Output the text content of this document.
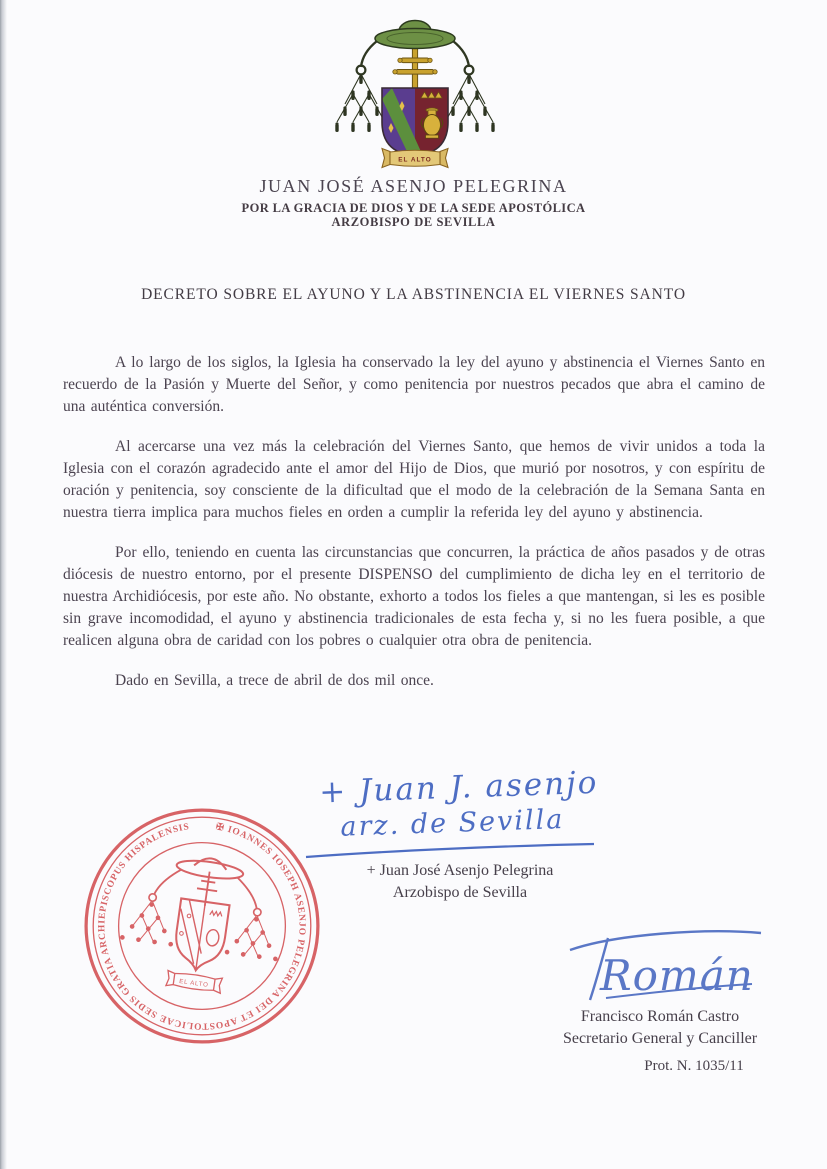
EL ALTO
JUAN JOSÉ ASENJO PELEGRINA
POR LA GRACIA DE DIOS Y DE LA SEDE APOSTÓLICA
ARZOBISPO DE SEVILLA
DECRETO SOBRE EL AYUNO Y LA ABSTINENCIA EL VIERNES SANTO

A lo largo de los siglos, la Iglesia ha conservado la ley del ayuno y abstinencia el Viernes Santo en recuerdo de la Pasión y Muerte del Señor, y como penitencia por nuestros pecados que abra el camino de una auténtica conversión.

Al acercarse una vez más la celebración del Viernes Santo, que hemos de vivir unidos a toda la Iglesia con el corazón agradecido ante el amor del Hijo de Dios, que murió por nosotros, y con espíritu de oración y penitencia, soy consciente de la dificultad que el modo de la celebración de la Semana Santa en nuestra tierra implica para muchos fieles en orden a cumplir la referida ley del ayuno y abstinencia.

Por ello, teniendo en cuenta las circunstancias que concurren, la práctica de años pasados y de otras diócesis de nuestro entorno, por el presente DISPENSO del cumplimiento de dicha ley en el territorio de nuestra Archidiócesis, por este año. No obstante, exhorto a todos los fieles a que mantengan, si les es posible sin grave incomodidad, el ayuno y abstinencia tradicionales de esta fecha y, si no les fuera posible, a que realicen alguna obra de caridad con los pobres o cualquier otra obra de penitencia.

Dado en Sevilla, a trece de abril de dos mil once.
✠ IOANNES IOSEPH ASENJO PELEGRINA DEI ET APOSTOLICAE SEDIS GRATIA ARCHIEPISCOPUS HISPALENSIS
EL ALTO
+ Juan J. asenjo
arz. de Sevilla
+ Juan José Asenjo Pelegrina
Arzobispo de Sevilla
Román
Francisco Román Castro
Secretario General y Canciller
Prot. N. 1035/11
